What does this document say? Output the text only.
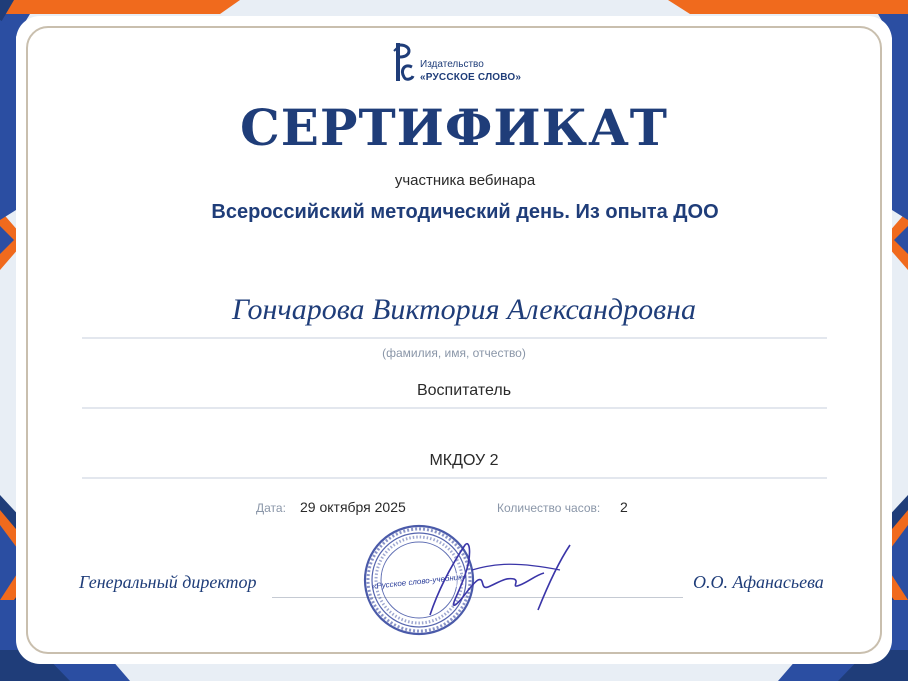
Издательство
«РУССКОЕ СЛОВО»
СЕРТИФИКАТ
участника вебинара
Всероссийский методический день. Из опыта ДОО
Гончарова Виктория Александровна
(фамилия, имя, отчество)
Воспитатель
МКДОУ 2
Дата: 29 октября 2025	Количество часов: 2
Генеральный директор	О.О. Афанасьева
«Русское слово-учебник»
